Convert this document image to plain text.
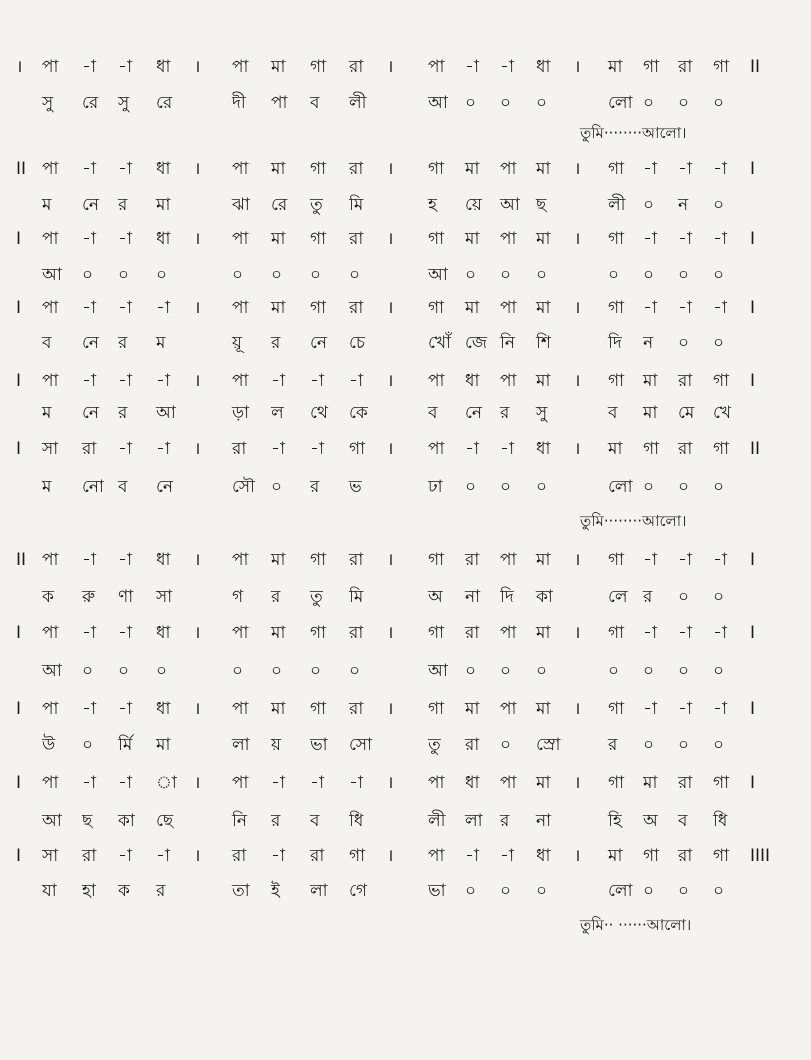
। পা -া -া ধা । পা মা গা রা । পা -া -া ধা । মা গা রা গা II
সু রে সু রে	দী পা ব লী	আ ০ ০ ০	লো ০ ০ ০
তুমি········আলো।
II পা -া -া ধা । পা মা গা রা । গা মা পা মা । গা -া -া -া I
ম নে র মা	ঝা রে তু মি	হ য়ে আ ছ	লী ০ ন ০
I পা -া -া ধা । পা মা গা রা । গা মা পা মা । গা -া -া -া I
আ ০ ০ ০	০ ০ ০ ০	আ ০ ০ ০	০ ০ ০ ০
I পা -া -া -া । পা মা গা রা । গা মা পা মা । গা -া -া -া I
ব নে র ম	য়ূ র নে চে	খোঁ জে নি শি	দি ন ০ ০
I পা -া -া -া । পা -া -া -া । পা ধা পা মা । গা মা রা গা I
ম নে র আ	ড়া ল থে কে	ব নে র সু	ব মা মে খে
I সা রা -া -া । রা -া -া গা । পা -া -া ধা । মা গা রা গা II
ম নো ব নে	সৌ ০ র ভ	ঢা ০ ০ ০	লো ০ ০ ০
তুমি········আলো।
II পা -া -া ধা । পা মা গা রা । গা রা পা মা । গা -া -া -া I
ক রু ণা সা	গ র তু মি	অ না দি কা	লে র ০ ০
I পা -া -া ধা । পা মা গা রা । গা রা পা মা । গা -া -া -া I
আ ০ ০ ০	০ ০ ০ ০	আ ০ ০ ০	০ ০ ০ ০
I পা -া -া ধা । পা মা গা রা । গা মা পা মা । গা -া -া -া I
উ ০ র্মি মা	লা য় ভা সো	তু রা ০ স্রো	র ০ ০ ০
I পা -া -া া । পা -া -া -া । পা ধা পা মা । গা মা রা গা I
আ ছ কা ছে	নি র ব ধি	লী লা র না	হি অ ব ধি
I সা রা -া -া । রা -া রা গা । পা -া -া ধা । মা গা রা গা IIII
যা হা ক র	তা ই লা গে	ভা ০ ০ ০	লো ০ ০ ০
তুমি·· ······আলো।
